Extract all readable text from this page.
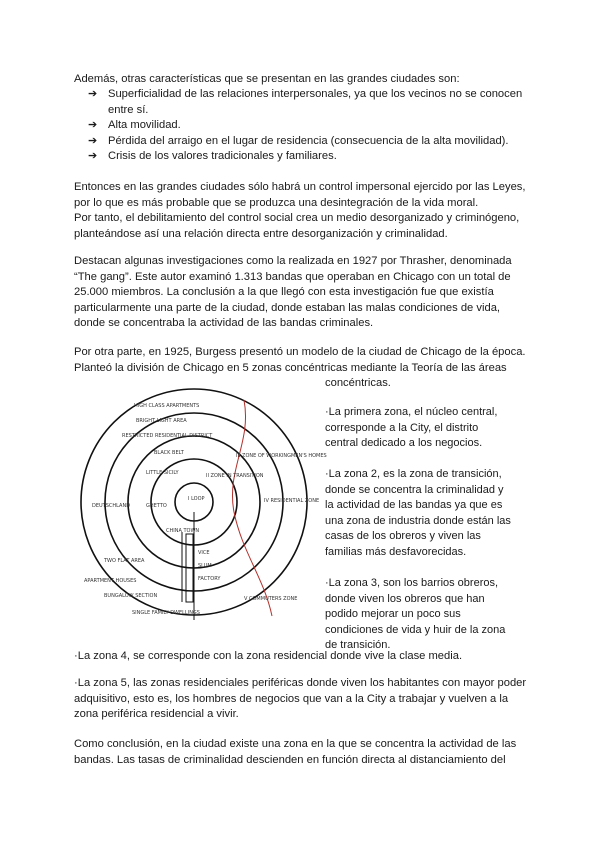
Además, otras características que se presentan en las grandes ciudades son:
➔ Superficialidad de las relaciones interpersonales, ya que los vecinos no se conocen entre sí.
➔ Alta movilidad.
➔ Pérdida del arraigo en el lugar de residencia (consecuencia de la alta movilidad).
➔ Crisis de los valores tradicionales y familiares.
Entonces en las grandes ciudades sólo habrá un control impersonal ejercido por las Leyes, por lo que es más probable que se produzca una desintegración de la vida moral.
Por tanto, el debilitamiento del control social crea un medio desorganizado y criminógeno, planteándose así una relación directa entre desorganización y criminalidad.
Destacan algunas investigaciones como la realizada en 1927 por Thrasher, denominada “The gang”. Este autor examinó 1.313 bandas que operaban en Chicago con un total de 25.000 miembros. La conclusión a la que llegó con esta investigación fue que existía particularmente una parte de la ciudad, donde estaban las malas condiciones de vida, donde se concentraba la actividad de las bandas criminales.
Por otra parte, en 1925, Burgess presentó un modelo de la ciudad de Chicago de la época.
Planteó la división de Chicago en 5 zonas concéntricas mediante la Teoría de las áreas
concéntricas.
I LOOP
II ZONE IN TRANSITION
III ZONE OF WORKINGMEN'S HOMES
IV RESIDENTIAL ZONE
V COMMUTERS ZONE
BLACK BELT
LITTLE SICILY
GHETTO
CHINA TOWN
DEUTSCHLAND
TWO FLAT AREA
APARTMENT HOUSES
BUNGALOW SECTION
HIGH CLASS APARTMENTS
BRIGHT LIGHT AREA
RESTRICTED RESIDENTIAL DISTRICT
SINGLE FAMILY DWELLINGS
VICE
SLUM
FACTORY
·La primera zona, el núcleo central, corresponde a la City, el distrito central dedicado a los negocios.
·La zona 2, es la zona de transición, donde se concentra la criminalidad y la actividad de las bandas ya que es una zona de industria donde están las casas de los obreros y viven las familias más desfavorecidas.
·La zona 3, son los barrios obreros, donde viven los obreros que han podido mejorar un poco sus condiciones de vida y huir de la zona de transición.
·La zona 4, se corresponde con la zona residencial donde vive la clase media.
·La zona 5, las zonas residenciales periféricas donde viven los habitantes con mayor poder adquisitivo, esto es, los hombres de negocios que van a la City a trabajar y vuelven a la zona periférica residencial a vivir.
Como conclusión, en la ciudad existe una zona en la que se concentra la actividad de las bandas. Las tasas de criminalidad descienden en función directa al distanciamiento del
